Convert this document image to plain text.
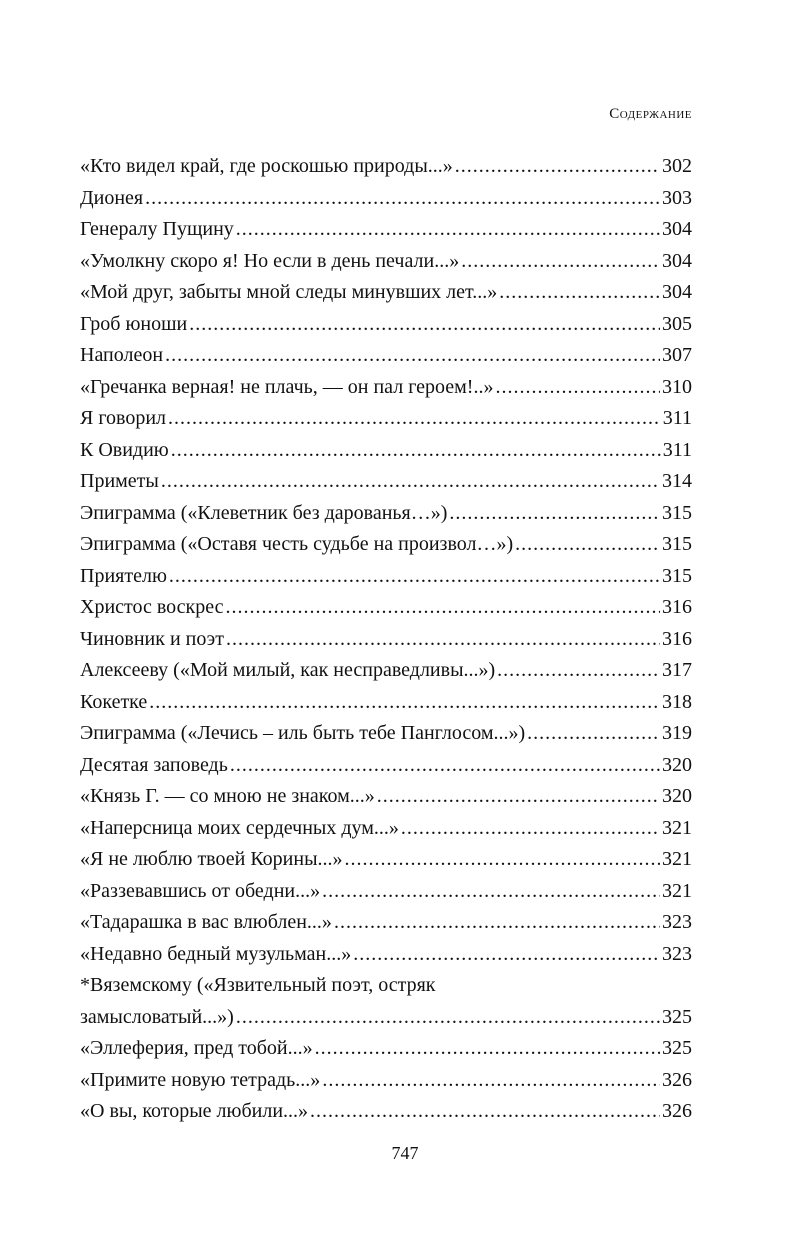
Содержание
«Кто видел край, где роскошью природы...» .....	302
Дионея .....	303
Генералу Пущину .....	304
«Умолкну скоро я! Но если в день печали...» .....	304
«Мой друг, забыты мной следы минувших лет...» .....	304
Гроб юноши .....	305
Наполеон .....	307
«Гречанка верная! не плачь, — он пал героем!..» .....	310
Я говорил .....	311
К Овидию .....	311
Приметы .....	314
Эпиграмма («Клеветник без дарованья…») .....	315
Эпиграмма («Оставя честь судьбе на произвол…») .....	315
Приятелю .....	315
Христос воскрес .....	316
Чиновник и поэт .....	316
Алексееву («Мой милый, как несправедливы...») .....	317
Кокетке .....	318
Эпиграмма («Лечись – иль быть тебе Панглосом...») .....	319
Десятая заповедь .....	320
«Князь Г. — со мною не знаком...» .....	320
«Наперсница моих сердечных дум...» .....	321
«Я не люблю твоей Корины...» .....	321
«Раззевавшись от обедни...» .....	321
«Тадарашка в вас влюблен...» .....	323
«Недавно бедный музульман...» .....	323
*Вяземскому («Язвительный поэт, остряк
замысловатый...») .....	325
«Эллеферия, пред тобой...» .....	325
«Примите новую тетрадь...» .....	326
«О вы, которые любили...» .....	326
747
